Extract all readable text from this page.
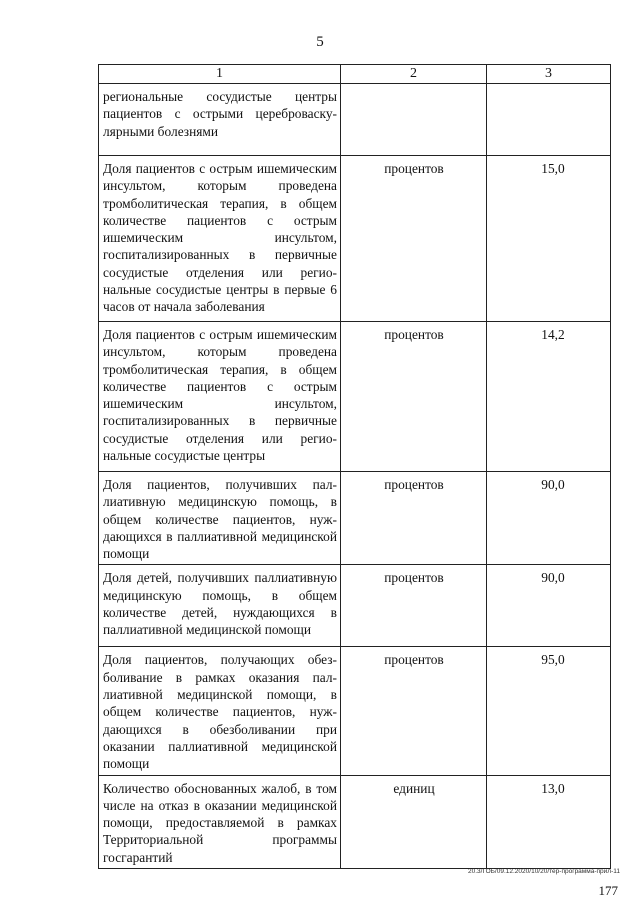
5
1	2	3
региональные сосудистые центры пациентов с острыми цереброваскулярными болезнями		
Доля пациентов с острым ишемическим инсультом, которым проведена тромболитическая терапия, в общем количестве пациентов с острым ишемическим инсультом, госпитализированных в первичные сосудистые отделения или региональные сосудистые центры в первые 6 часов от начала заболевания	процентов	15,0
Доля пациентов с острым ишемическим инсультом, которым проведена тромболитическая терапия, в общем количестве пациентов с острым ишемическим инсультом, госпитализированных в первичные сосудистые отделения или региональные сосудистые центры	процентов	14,2
Доля пациентов, получивших паллиативную медицинскую помощь, в общем количестве пациентов, нуждающихся в паллиативной медицинской помощи	процентов	90,0
Доля детей, получивших паллиативную медицинскую помощь, в общем количестве детей, нуждающихся в паллиативной медицинской помощи	процентов	90,0
Доля пациентов, получающих обезболивание в рамках оказания паллиативной медицинской помощи, в общем количестве пациентов, нуждающихся в обезболивании при оказании паллиативной медицинской помощи	процентов	95,0
Количество обоснованных жалоб, в том числе на отказ в оказании медицинской помощи, предоставляемой в рамках Территориальной программы госгарантий	единиц	13,0
20.3/ГОБ/09.12.2020/10/20/тер-программа-прил-11
177
